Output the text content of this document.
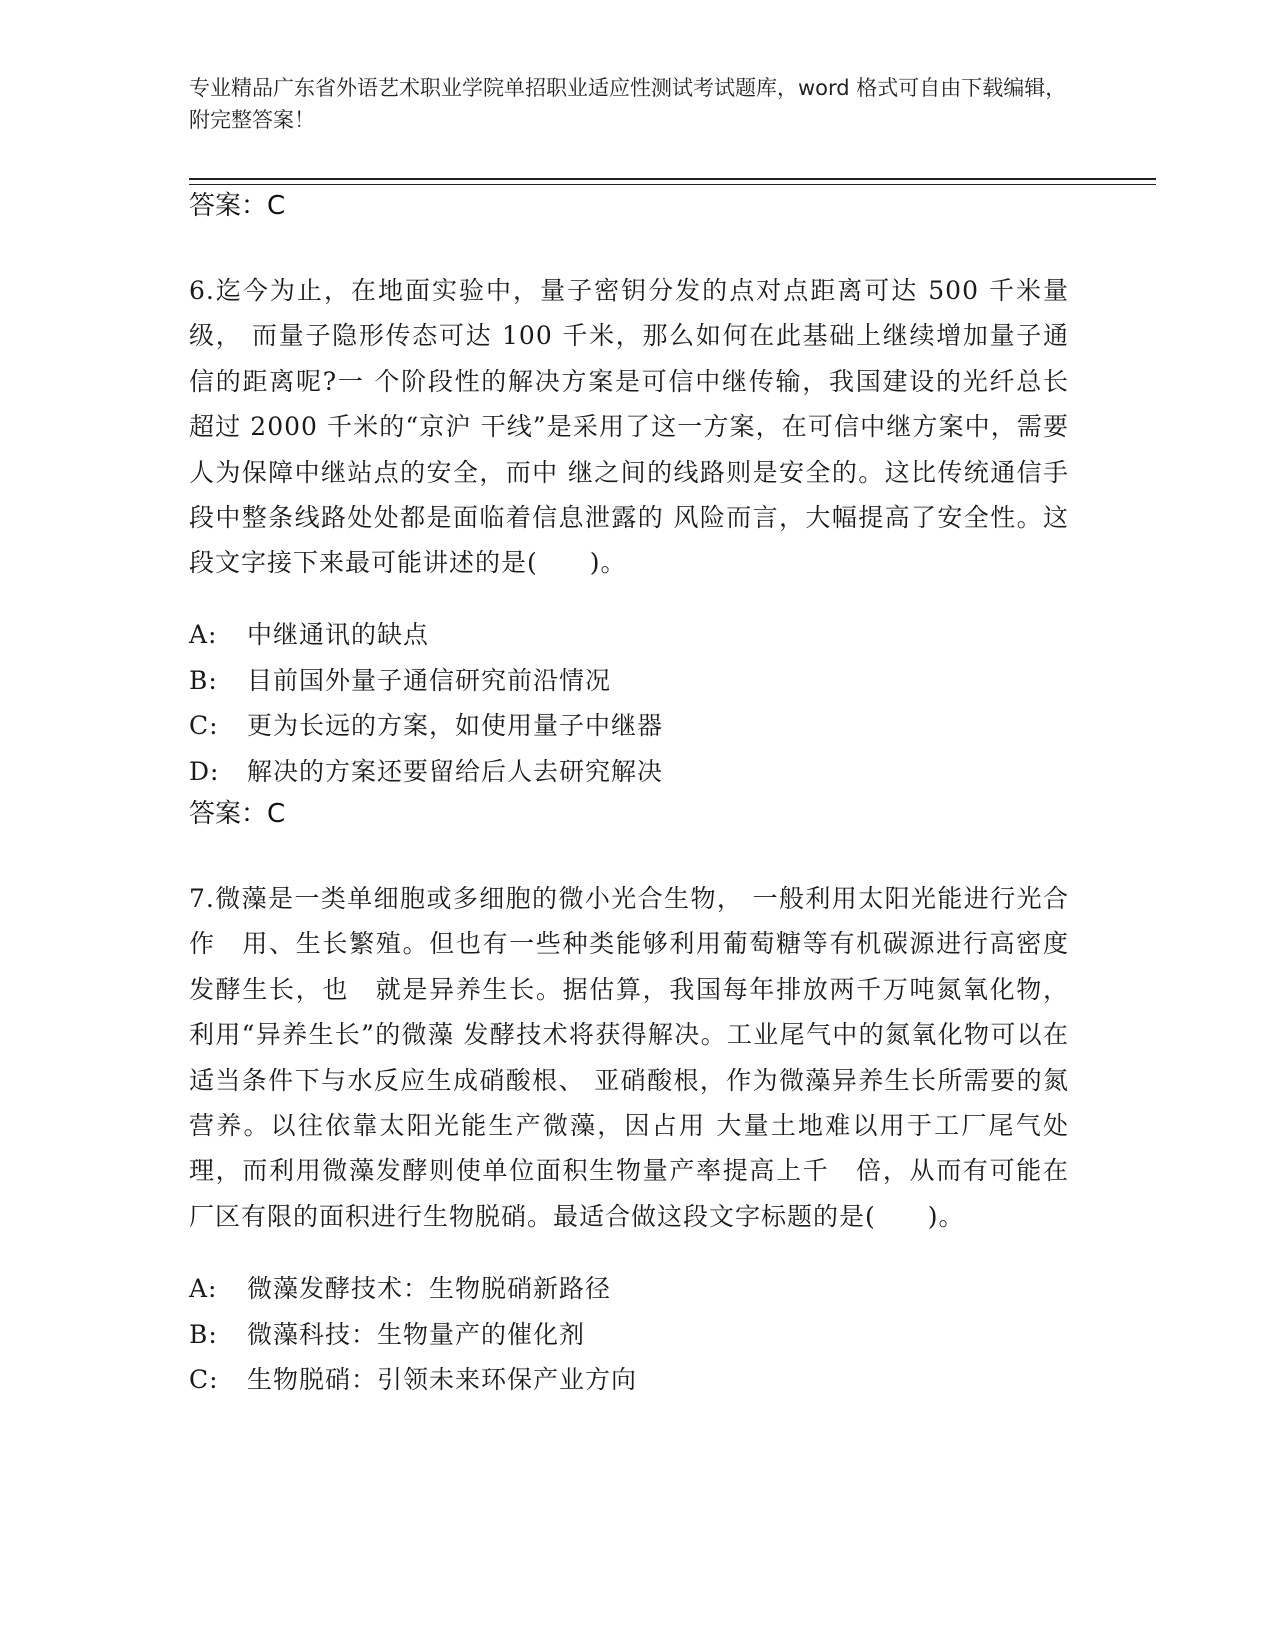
专业精品广东省外语艺术职业学院单招职业适应性测试考试题库，word 格式可自由下载编辑，附完整答案！
答案：C
6.迄今为止，在地面实验中，量子密钥分发的点对点距离可达 500 千米量级， 而量子隐形传态可达 100 千米，那么如何在此基础上继续增加量子通信的距离呢?一 个阶段性的解决方案是可信中继传输，我国建设的光纤总长超过 2000 千米的“京沪 干线”是采用了这一方案，在可信中继方案中，需要人为保障中继站点的安全，而中 继之间的线路则是安全的。这比传统通信手段中整条线路处处都是面临着信息泄露的 风险而言，大幅提高了安全性。这段文字接下来最可能讲述的是(　　)。
A: 中继通讯的缺点
B: 目前国外量子通信研究前沿情况
C: 更为长远的方案，如使用量子中继器
D: 解决的方案还要留给后人去研究解决
答案：C
7.微藻是一类单细胞或多细胞的微小光合生物， 一般利用太阳光能进行光合作　用、生长繁殖。但也有一些种类能够利用葡萄糖等有机碳源进行高密度发酵生长，也　就是异养生长。据估算，我国每年排放两千万吨氮氧化物，利用“异养生长”的微藻 发酵技术将获得解决。工业尾气中的氮氧化物可以在适当条件下与水反应生成硝酸根、 亚硝酸根，作为微藻异养生长所需要的氮营养。以往依靠太阳光能生产微藻，因占用 大量土地难以用于工厂尾气处理，而利用微藻发酵则使单位面积生物量产率提高上千　倍，从而有可能在厂区有限的面积进行生物脱硝。最适合做这段文字标题的是(　　)。
A: 微藻发酵技术：生物脱硝新路径
B: 微藻科技：生物量产的催化剂
C: 生物脱硝：引领未来环保产业方向
